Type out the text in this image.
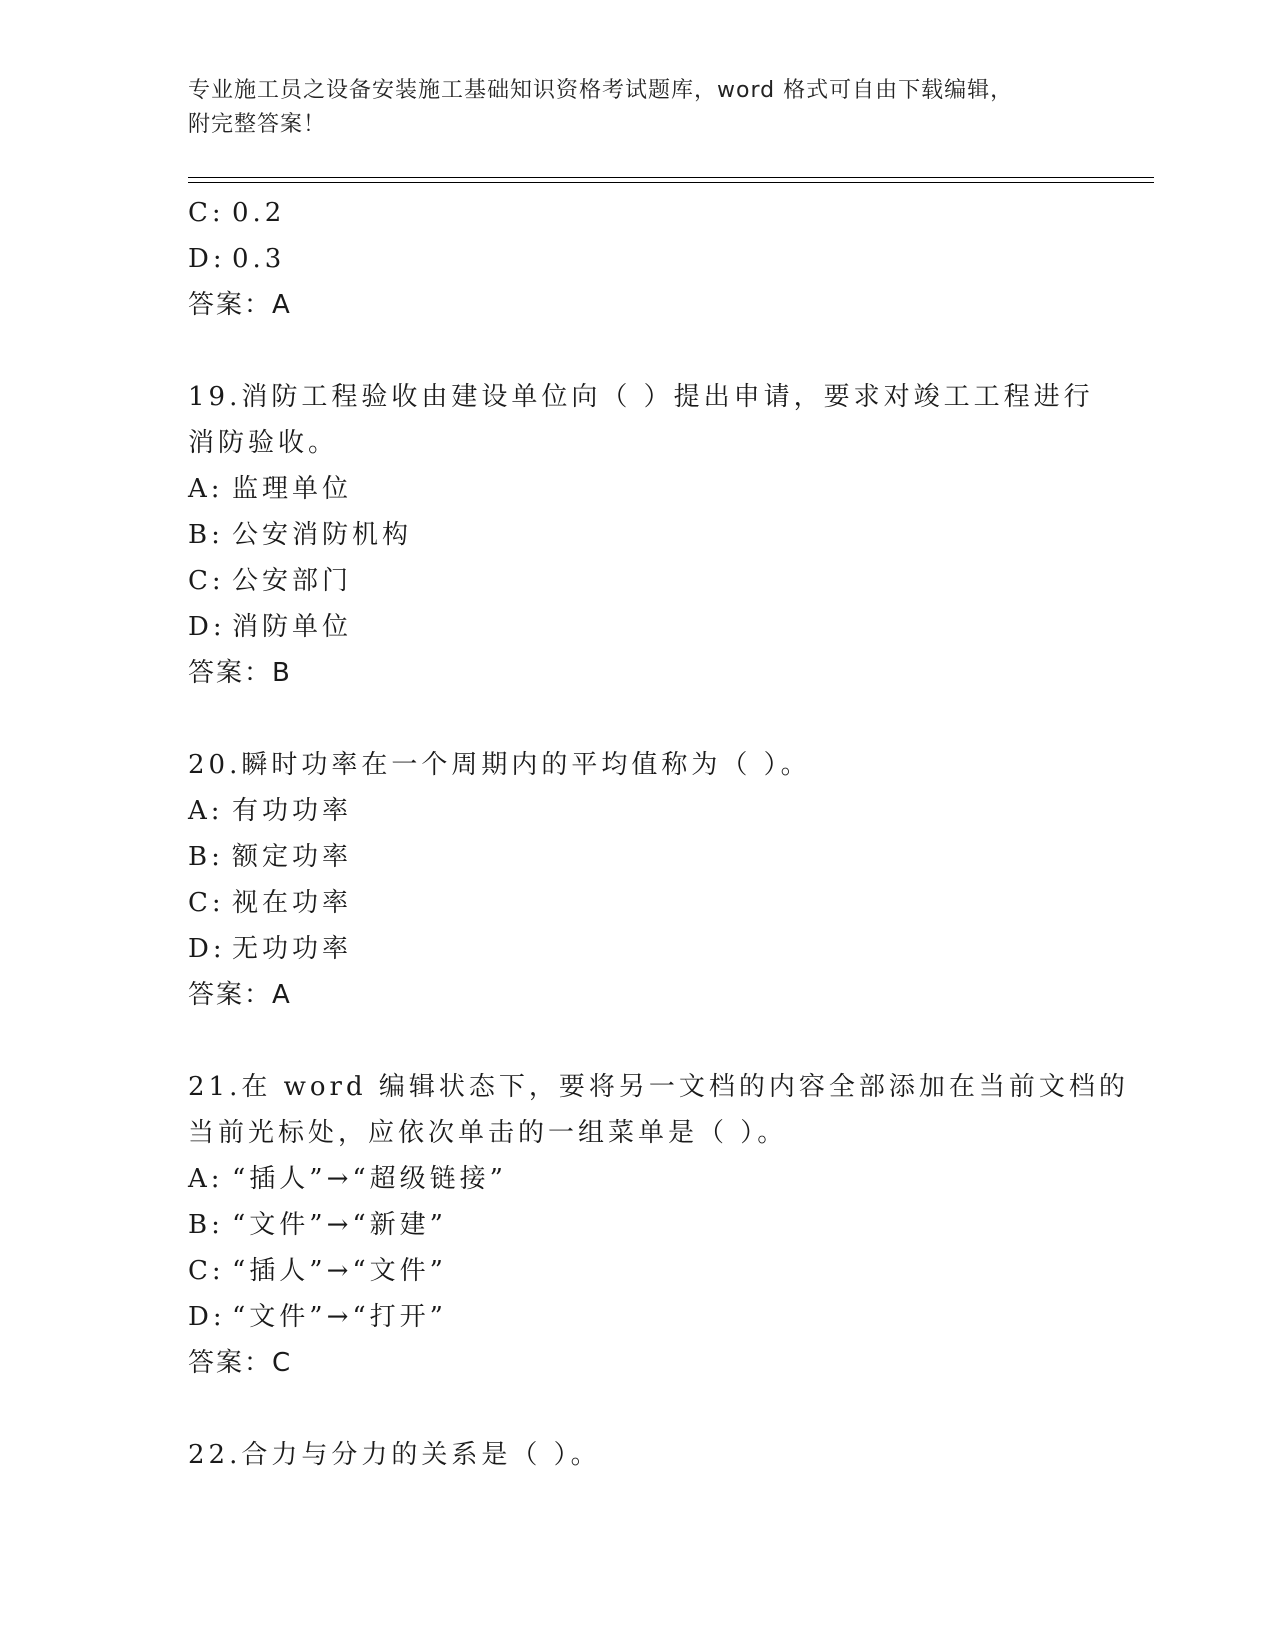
专业施工员之设备安装施工基础知识资格考试题库，word 格式可自由下载编辑，
附完整答案！
C: 0.2
D: 0.3
答案：A
19.消防工程验收由建设单位向（ ）提出申请，要求对竣工工程进行
消防验收。
A: 监理单位
B: 公安消防机构
C: 公安部门
D: 消防单位
答案：B
20.瞬时功率在一个周期内的平均值称为（ ）。
A: 有功功率
B: 额定功率
C: 视在功率
D: 无功功率
答案：A
21.在 word 编辑状态下，要将另一文档的内容全部添加在当前文档的
当前光标处，应依次单击的一组菜单是（ ）。
A: “插人”→“超级链接”
B: “文件”→“新建”
C: “插人”→“文件”
D: “文件”→“打开”
答案：C
22.合力与分力的关系是（ ）。
